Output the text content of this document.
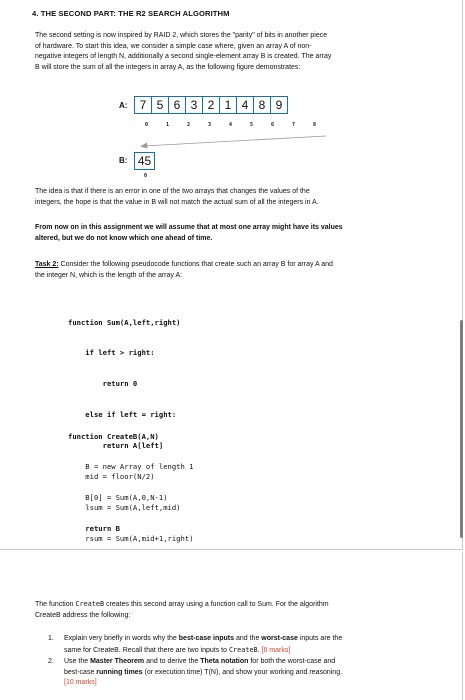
4. THE SECOND PART: THE R2 SEARCH ALGORITHM
The second setting is now inspired by RAID 2, which stores the "parity" of bits in another piece
of hardware. To start this idea, we consider a simple case where, given an array A of non-
negative integers of length N, additionally a second single-element array B is created. The array
B will store the sum of all the integers in array A, as the following figure demonstrates:
A:	7 5 6 3 2 1 4 8 9
0	1	2	3	4	5	6	7	8
B: 45
0
The idea is that if there is an error in one of the two arrays that changes the values of the
integers, the hope is that the value in B will not match the actual sum of all the integers in A.
From now on in this assignment we will assume that at most one array might have its values
altered, but we do not know which one ahead of time.
Task 2: Consider the following pseudocode functions that create such an array B for array A and
the integer N, which is the length of the array A:

function Sum(A,left,right)

if left > right:

return 0

else if left = right:

return A[left]

mid = floor(N/2)

lsum = Sum(A,left,mid)

rsum = Sum(A,mid+1,right)

function CreateB(A,N)

B = new Array of length 1

B[0] = Sum(A,0,N-1)

return B

The function CreateB creates this second array using a function call to Sum. For the algorithm
CreateB address the following:
1. Explain very briefly in words why the best-case inputs and the worst-case inputs are the
same for CreateB. Recall that there are two inputs to CreateB. [6 marks]
2. Use the Master Theorem and to derive the Theta notation for both the worst-case and
best-case running times (or execution time) T(N), and show your working and reasoning.
[10 marks]
